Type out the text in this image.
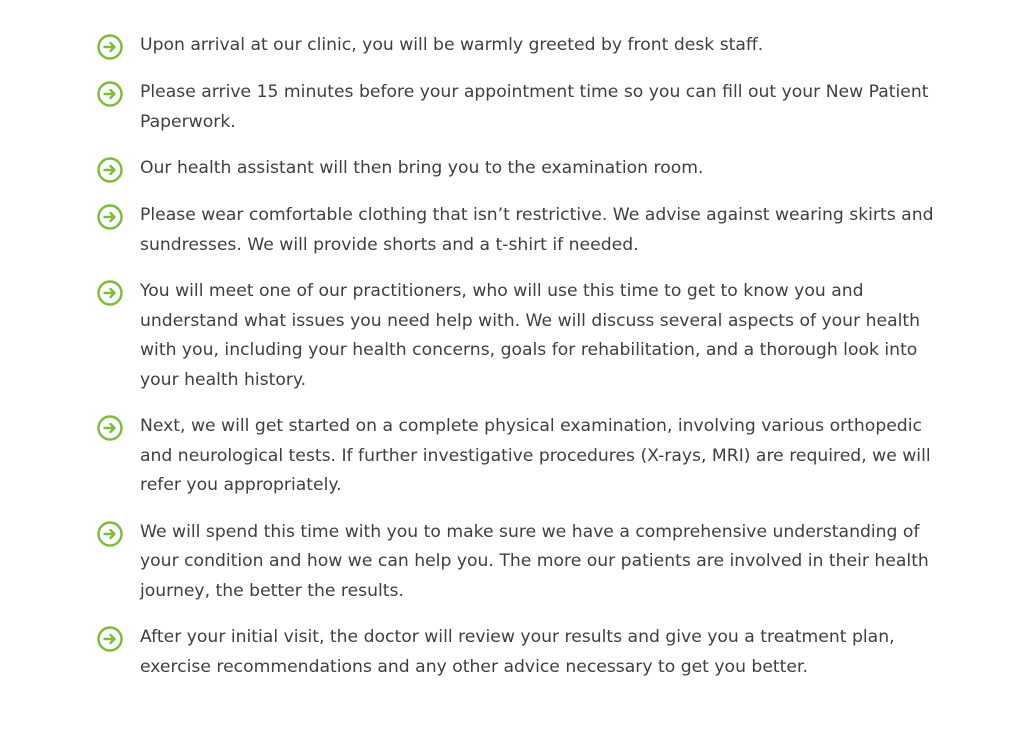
Upon arrival at our clinic, you will be warmly greeted by front desk staff.
Please arrive 15 minutes before your appointment time so you can fill out your New Patient Paperwork.
Our health assistant will then bring you to the examination room.
Please wear comfortable clothing that isn’t restrictive. We advise against wearing skirts and sundresses. We will provide shorts and a t-shirt if needed.
You will meet one of our practitioners, who will use this time to get to know you and understand what issues you need help with. We will discuss several aspects of your health with you, including your health concerns, goals for rehabilitation, and a thorough look into your health history.
Next, we will get started on a complete physical examination, involving various orthopedic and neurological tests. If further investigative procedures (X-rays, MRI) are required, we will refer you appropriately.
We will spend this time with you to make sure we have a comprehensive understanding of your condition and how we can help you. The more our patients are involved in their health journey, the better the results.
After your initial visit, the doctor will review your results and give you a treatment plan, exercise recommendations and any other advice necessary to get you better.
